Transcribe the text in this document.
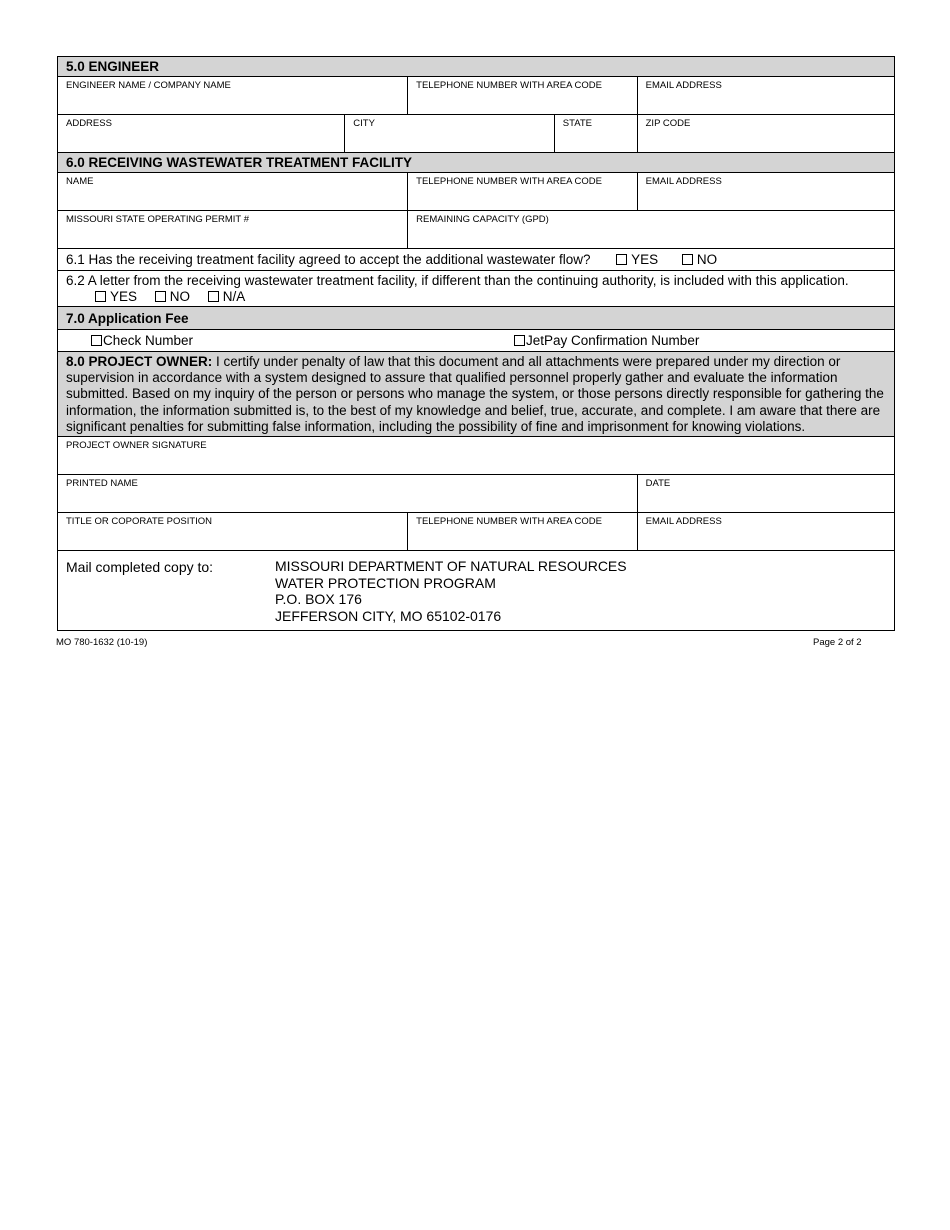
5.0 ENGINEER
ENGINEER NAME / COMPANY NAME	TELEPHONE NUMBER WITH AREA CODE	EMAIL ADDRESS
ADDRESS	CITY	STATE	ZIP CODE
6.0 RECEIVING WASTEWATER TREATMENT FACILITY
NAME	TELEPHONE NUMBER WITH AREA CODE	EMAIL ADDRESS
MISSOURI STATE OPERATING PERMIT #	REMAINING CAPACITY (GPD)
6.1 Has the receiving treatment facility agreed to accept the additional wastewater flow?	YES	NO
6.2 A letter from the receiving wastewater treatment facility, if different than the continuing authority, is included with this application.
YES NO N/A
7.0 Application Fee
Check Number	JetPay Confirmation Number
8.0 PROJECT OWNER: I certify under penalty of law that this document and all attachments were prepared under my direction or supervision in accordance with a system designed to assure that qualified personnel properly gather and evaluate the information submitted. Based on my inquiry of the person or persons who manage the system, or those persons directly responsible for gathering the information, the information submitted is, to the best of my knowledge and belief, true, accurate, and complete. I am aware that there are significant penalties for submitting false information, including the possibility of fine and imprisonment for knowing violations.
PROJECT OWNER SIGNATURE
PRINTED NAME	DATE
TITLE OR COPORATE POSITION	TELEPHONE NUMBER WITH AREA CODE	EMAIL ADDRESS
Mail completed copy to:	MISSOURI DEPARTMENT OF NATURAL RESOURCES
WATER PROTECTION PROGRAM
P.O. BOX 176
JEFFERSON CITY, MO 65102-0176
MO 780-1632 (10-19)	Page 2 of 2
